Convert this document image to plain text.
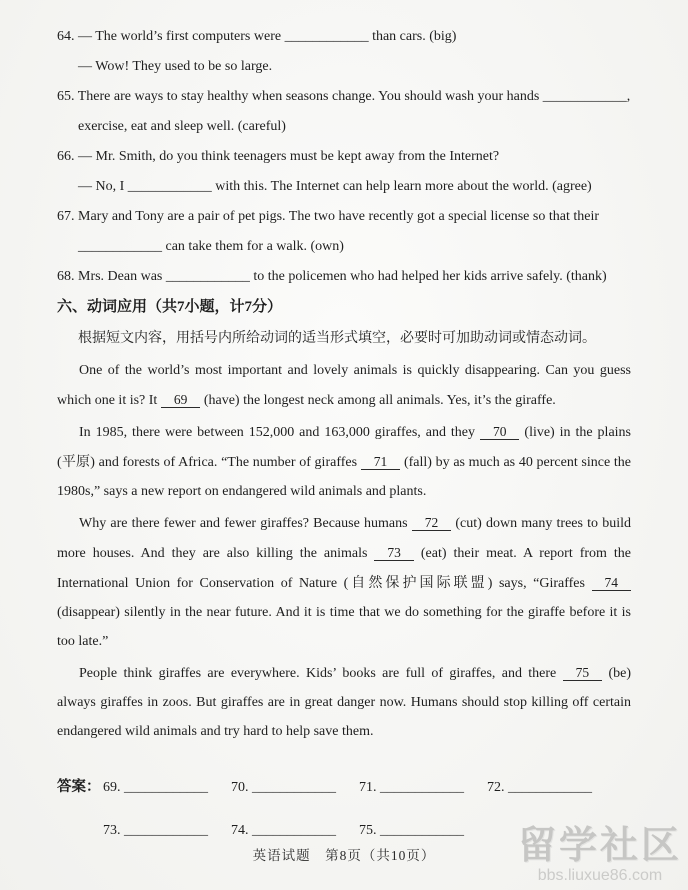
64. — The world’s first computers were ____________ than cars. (big)

— Wow! They used to be so large.

65. There are ways to stay healthy when seasons change. You should wash your hands ____________,

exercise, eat and sleep well. (careful)

66. — Mr. Smith, do you think teenagers must be kept away from the Internet?

— No, I ____________ with this. The Internet can help learn more about the world. (agree)

67. Mary and Tony are a pair of pet pigs. The two have recently got a special license so that their

____________ can take them for a walk. (own)

68. Mrs. Dean was ____________ to the policemen who had helped her kids arrive safely. (thank)

六、动词应用（共7小题，计7分）

根据短文内容，用括号内所给动词的适当形式填空，必要时可加助动词或情态动词。

One of the world’s most important and lovely animals is quickly disappearing. Can you guess which one it is? It 69 (have) the longest neck among all animals. Yes, it’s the giraffe.

In 1985, there were between 152,000 and 163,000 giraffes, and they 70 (live) in the plains (平原) and forests of Africa. “The number of giraffes 71 (fall) by as much as 40 percent since the 1980s,” says a new report on endangered wild animals and plants.

Why are there fewer and fewer giraffes? Because humans 72 (cut) down many trees to build more houses. And they are also killing the animals 73 (eat) their meat. A report from the International Union for Conservation of Nature (自然保护国际联盟) says, “Giraffes 74 (disappear) silently in the near future. And it is time that we do something for the giraffe before it is too late.”

People think giraffes are everywhere. Kids’ books are full of giraffes, and there 75 (be) always giraffes in zoos. But giraffes are in great danger now. Humans should stop killing off certain endangered wild animals and try hard to help save them.

答案： 69. ____________ 70. ____________ 71. ____________ 72. ____________

73. ____________ 74. ____________ 75. ____________

英语试题　第8页（共10页）	留学社区
bbs.liuxue86.com
